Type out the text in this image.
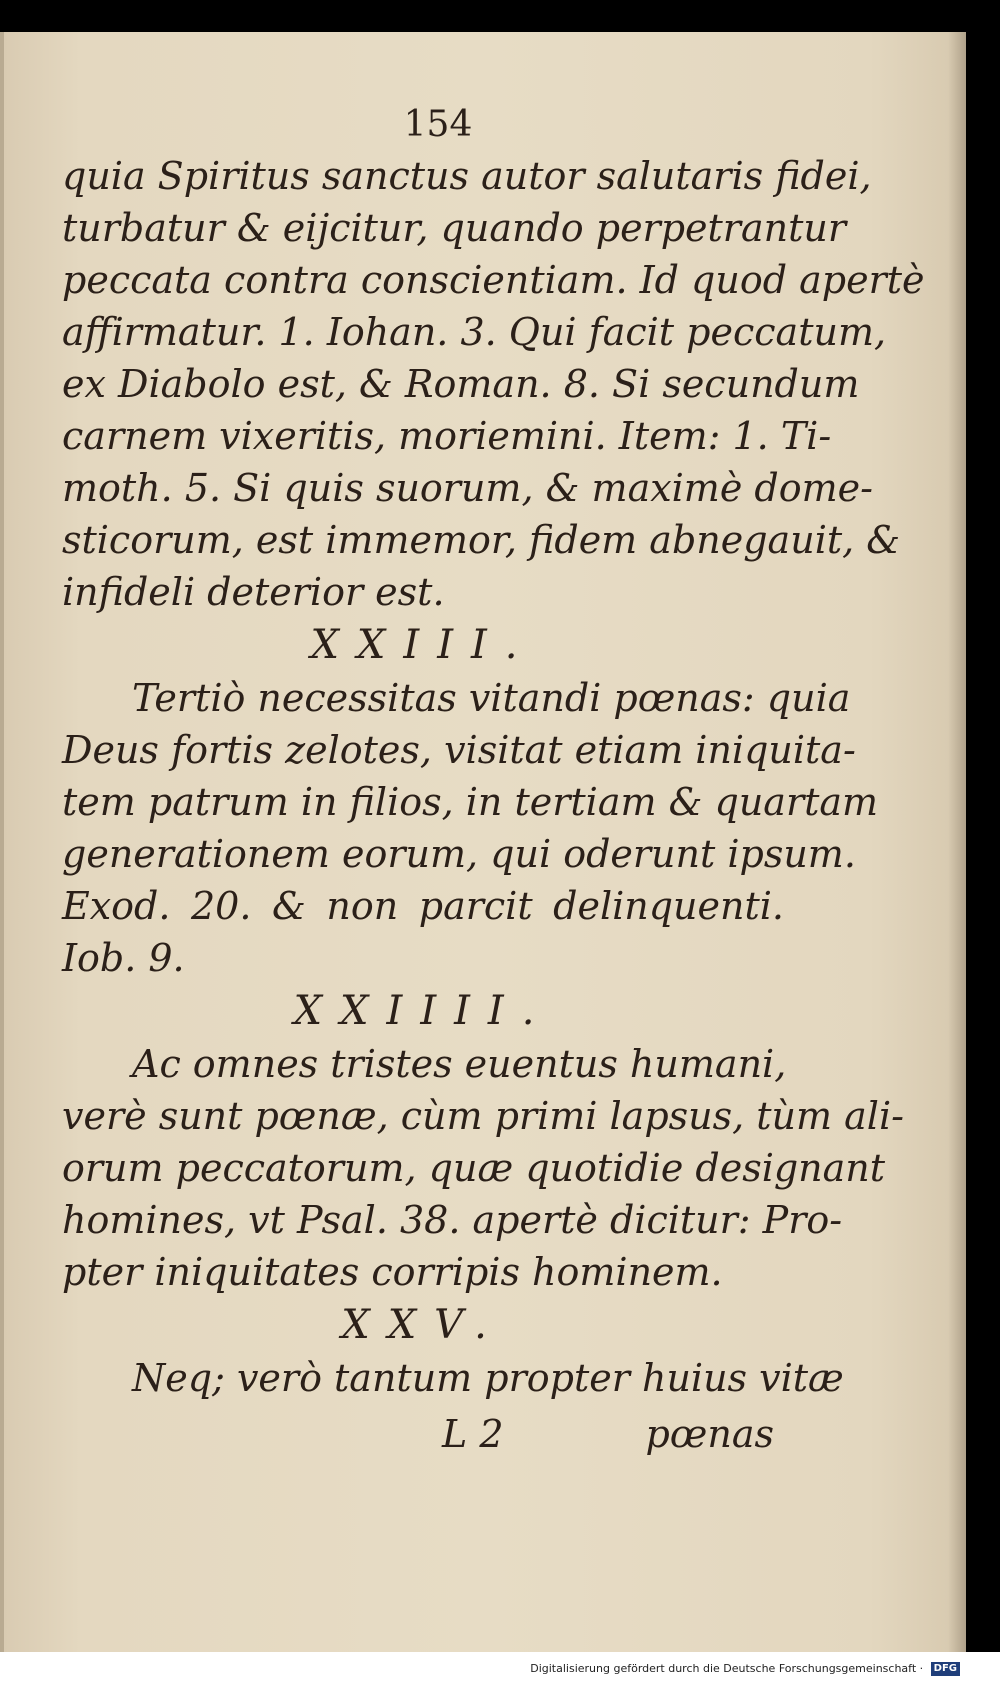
154
quia Spiritus sanctus autor salutaris fidei,
turbatur & eijcitur, quando perpetrantur
peccata contra conscientiam. Id quod apertè
affirmatur. 1. Iohan. 3. Qui facit peccatum,
ex Diabolo est, & Roman. 8. Si secundum
carnem vixeritis, moriemini. Item: 1. Ti-
moth. 5. Si quis suorum, & maximè dome-
sticorum, est immemor, fidem abnegauit, &
infideli deterior est.
XXIII.
Tertiò necessitas vitandi pœnas: quia
Deus fortis zelotes, visitat etiam iniquita-
tem patrum in filios, in tertiam & quartam
generationem eorum, qui oderunt ipsum.
Exod. 20. & non parcit delinquenti.
Iob. 9.
XXIIII.
Ac omnes tristes euentus humani,
verè sunt pœnæ, cùm primi lapsus, tùm ali-
orum peccatorum, quæ quotidie designant
homines, vt Psal. 38. apertè dicitur: Pro-
pter iniquitates corripis hominem.
XXV.
Neq; verò tantum propter huius vitæ
L 2	pœnas
Digitalisierung gefördert durch die Deutsche Forschungsgemeinschaft · DFG
